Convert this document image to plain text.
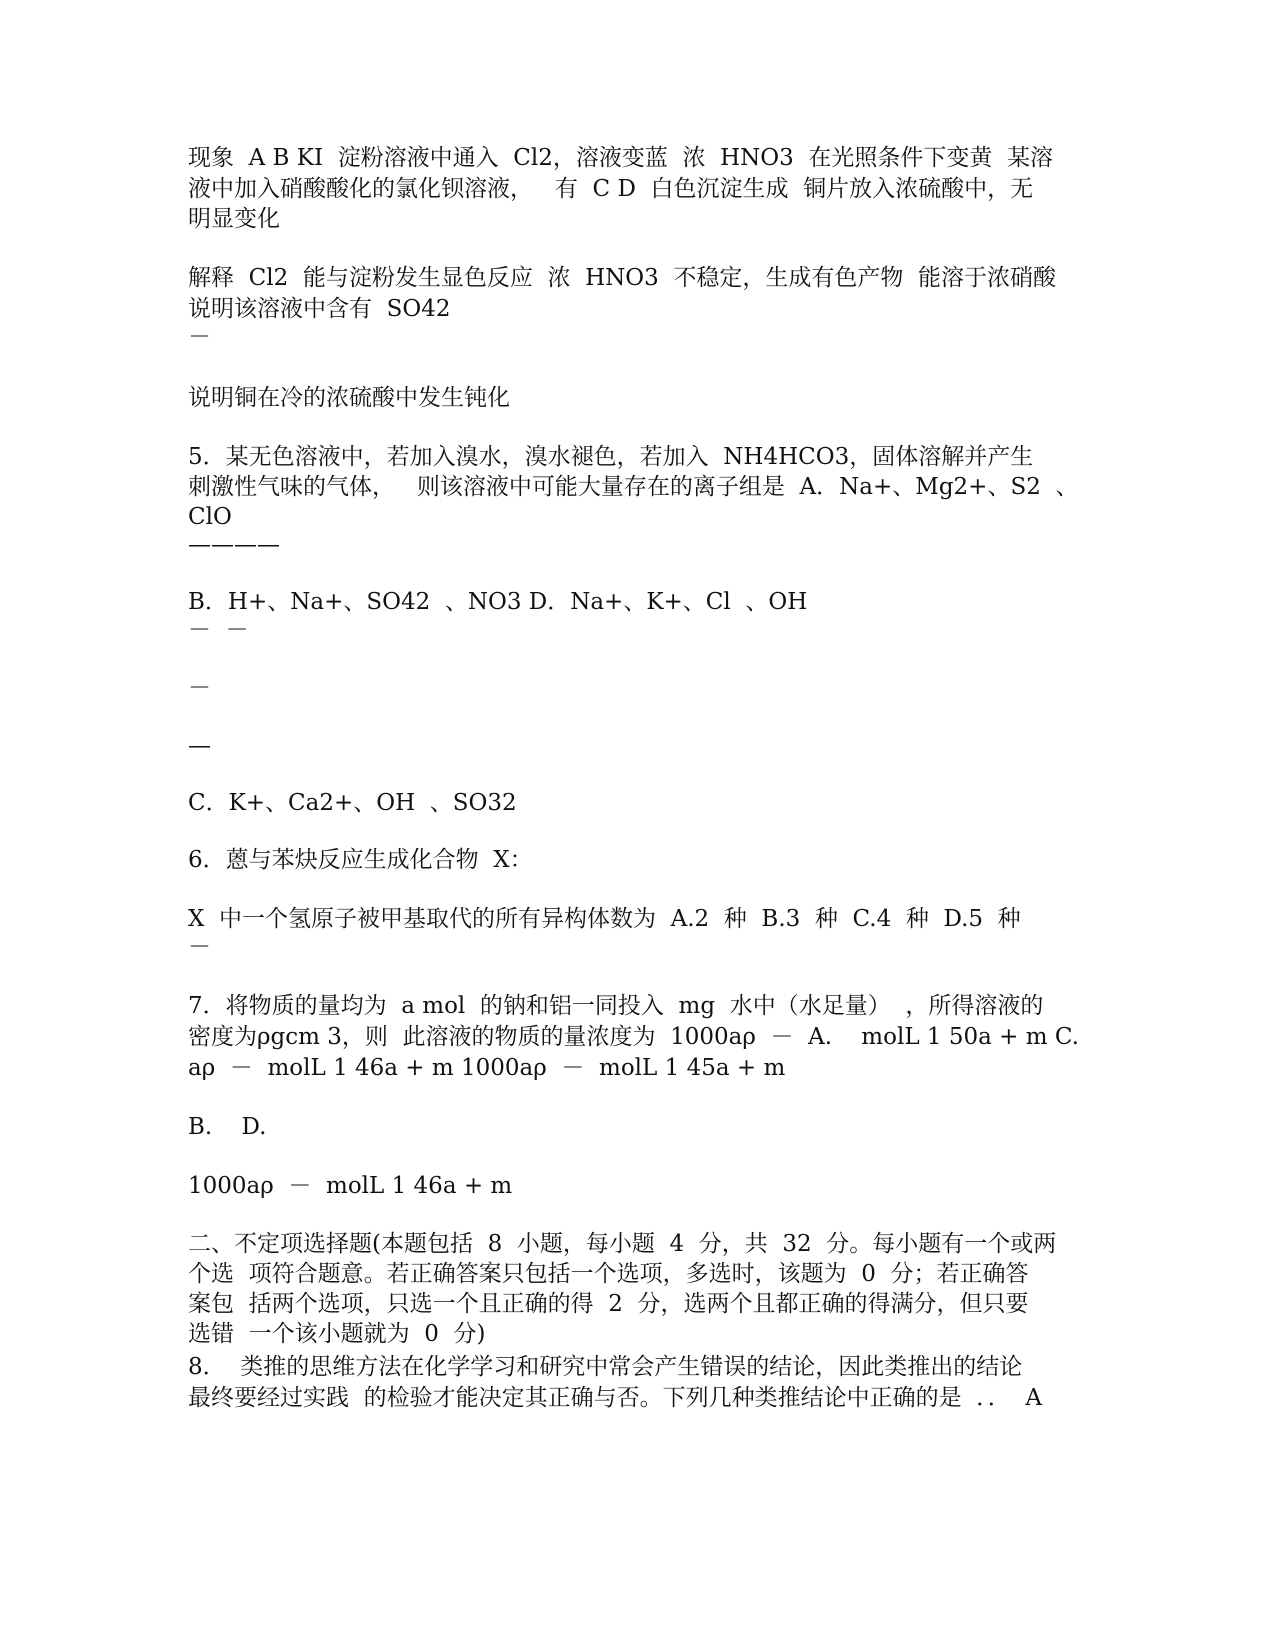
现象  A B KI  淀粉溶液中通入  Cl2，溶液变蓝  浓  HNO3  在光照条件下变黄  某溶
液中加入硝酸酸化的氯化钡溶液，   有  C D  白色沉淀生成  铜片放入浓硫酸中，无
明显变化
解释  Cl2  能与淀粉发生显色反应  浓  HNO3  不稳定，生成有色产物  能溶于浓硝酸
说明该溶液中含有  SO42
－
说明铜在冷的浓硫酸中发生钝化
5．某无色溶液中，若加入溴水，溴水褪色，若加入  NH4HCO3，固体溶解并产生
刺激性气味的气体，   则该溶液中可能大量存在的离子组是  A．Na+、Mg2+、S2  、
ClO
————
B．H+、Na+、SO42  、NO3 D．Na+、K+、Cl  、OH
－  －
－
—
C．K+、Ca2+、OH  、SO32
6．蒽与苯炔反应生成化合物  X：
X  中一个氢原子被甲基取代的所有异构体数为  A.2  种  B.3  种  C.4  种  D.5  种
－
7．将物质的量均为  a mol  的钠和铝一同投入  mg  水中（水足量）  ，所得溶液的
密度为ρgcm 3，则  此溶液的物质的量浓度为  1000aρ  －  A.    molL 1 50a + m C.
aρ  －  molL 1 46a + m 1000aρ  －  molL 1 45a + m
B.    D.
1000aρ  －  molL 1 46a + m
二、不定项选择题(本题包括  8  小题，每小题  4  分，共  32  分。每小题有一个或两
个选  项符合题意。若正确答案只包括一个选项，多选时，该题为  0  分；若正确答
案包  括两个选项，只选一个且正确的得  2  分，选两个且都正确的得满分，但只要
选错  一个该小题就为  0  分)
8．  类推的思维方法在化学学习和研究中常会产生错误的结论，因此类推出的结论
最终要经过实践  的检验才能决定其正确与否。下列几种类推结论中正确的是  ．．  A
